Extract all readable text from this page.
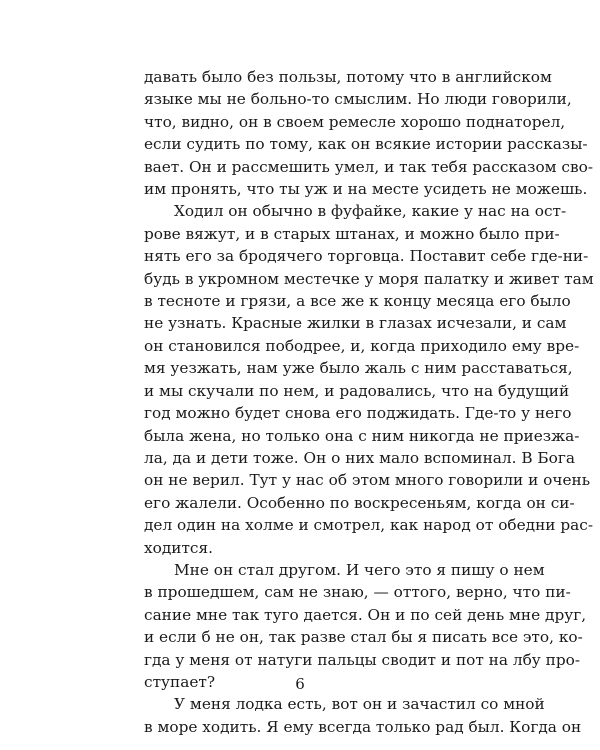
давать было без пользы, потому что в английском
языке мы не больно-то смыслим. Но люди говорили,
что, видно, он в своем ремесле хорошо поднаторел,
если судить по тому, как он всякие истории рассказы-
вает. Он и рассмешить умел, и так тебя рассказом сво-
им пронять, что ты уж и на месте усидеть не можешь.
Ходил он обычно в фуфайке, какие у нас на ост-
рове вяжут, и в старых штанах, и можно было при-
нять его за бродячего торговца. Поставит себе где-ни-
будь в укромном местечке у моря палатку и живет там
в тесноте и грязи, а все же к концу месяца его было
не узнать. Красные жилки в глазах исчезали, и сам
он становился пободрее, и, когда приходило ему вре-
мя уезжать, нам уже было жаль с ним расставаться,
и мы скучали по нем, и радовались, что на будущий
год можно будет снова его поджидать. Где-то у него
была жена, но только она с ним никогда не приезжа-
ла, да и дети тоже. Он о них мало вспоминал. В Бога
он не верил. Тут у нас об этом много говорили и очень
его жалели. Особенно по воскресеньям, когда он си-
дел один на холме и смотрел, как народ от обедни рас-
ходится.
Мне он стал другом. И чего это я пишу о нем
в прошедшем, сам не знаю, — оттого, верно, что пи-
сание мне так туго дается. Он и по сей день мне друг,
и если б не он, так разве стал бы я писать все это, ко-
гда у меня от натуги пальцы сводит и пот на лбу про-
ступает?
У меня лодка есть, вот он и зачастил со мной
в море ходить. Я ему всегда только рад был. Когда он
6
